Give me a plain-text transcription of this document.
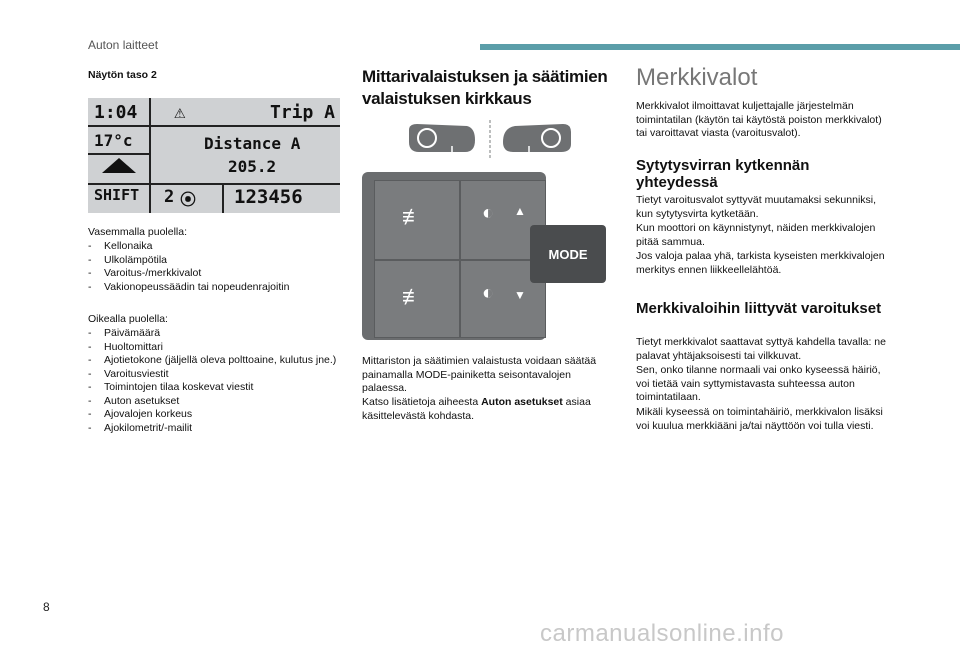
Auton laitteet
Näytön taso 2
1:04
17°c
⚠	Trip A
Distance A
205.2
SHIFT 2 ⦿ 123456
Vasemmalla puolella:
- Kellonaika
- Ulkolämpötila
- Varoitus-/merkkivalot
- Vakionopeussäädin tai nopeudenrajoitin
Oikealla puolella:
- Päivämäärä
- Huoltomittari
- Ajotietokone (jäljellä oleva polttoaine, kulutus jne.)
- Varoitusviestit
- Toimintojen tilaa koskevat viestit
- Auton asetukset
- Ajovalojen korkeus
- Ajokilometrit/-mailit
Mittarivalaistuksen ja säätimien valaistuksen kirkkaus
≢
≢
◐ ▲
◐ ▼
MODE
Mittariston ja säätimien valaistusta voidaan säätää painamalla MODE-painiketta seisontavalojen palaessa.
Katso lisätietoja aiheesta Auton asetukset asiaa käsittelevästä kohdasta.
Merkkivalot
Merkkivalot ilmoittavat kuljettajalle järjestelmän toimintatilan (käytön tai käytöstä poiston merkkivalot) tai varoittavat viasta (varoitusvalot).
Sytytysvirran kytkennän yhteydessä
Tietyt varoitusvalot syttyvät muutamaksi sekunniksi, kun sytytysvirta kytketään.
Kun moottori on käynnistynyt, näiden merkkivalojen pitää sammua.
Jos valoja palaa yhä, tarkista kyseisten merkkivalojen merkitys ennen liikkeellelähtöä.
Merkkivaloihin liittyvät varoitukset
Tietyt merkkivalot saattavat syttyä kahdella tavalla: ne palavat yhtäjaksoisesti tai vilkkuvat.
Sen, onko tilanne normaali vai onko kyseessä häiriö, voi tietää vain syttymistavasta suhteessa auton toimintatilaan.
Mikäli kyseessä on toimintahäiriö, merkkivalon lisäksi voi kuulua merkkiääni ja/tai näyttöön voi tulla viesti.
8
carmanualsonline.info
